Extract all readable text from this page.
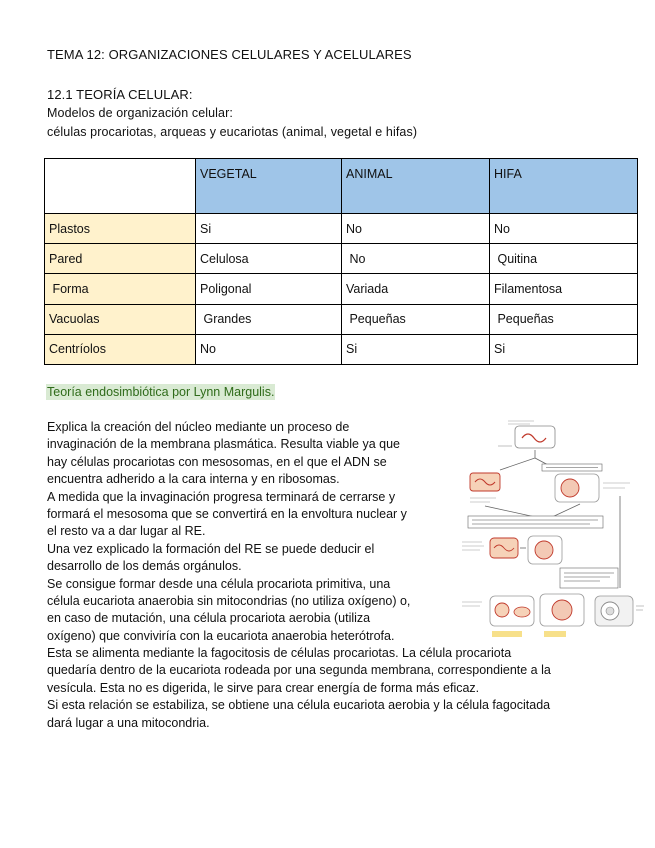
TEMA 12: ORGANIZACIONES CELULARES Y ACELULARES
12.1 TEORÍA CELULAR:
Modelos de organización celular:
células procariotas, arqueas y eucariotas (animal, vegetal e hifas)
	VEGETAL	ANIMAL	HIFA
Plastos	Si	No	No
Pared	Celulosa	No	Quitina
Forma	Poligonal	Variada	Filamentosa
Vacuolas	Grandes	Pequeñas	Pequeñas
Centríolos	No	Si	Si
Teoría endosimbiótica por Lynn Margulis.
Explica la creación del núcleo mediante un proceso de
invaginación de la membrana plasmática. Resulta viable ya que
hay células procariotas con mesosomas, en el que el ADN se
encuentra adherido a la cara interna y en ribosomas.
A medida que la invaginación progresa terminará de cerrarse y
formará el mesosoma que se convertirá en la envoltura nuclear y
el resto va a dar lugar al RE.
Una vez explicado la formación del RE se puede deducir el
desarrollo de los demás orgánulos.
Se consigue formar desde una célula procariota primitiva, una
célula eucariota anaerobia sin mitocondrias (no utiliza oxígeno) o,
en caso de mutación, una célula procariota aerobia (utiliza
oxígeno) que conviviría con la eucariota anaerobia heterótrofa.
Esta se alimenta mediante la fagocitosis de células procariotas. La célula procariota
quedaría dentro de la eucariota rodeada por una segunda membrana, correspondiente a la
vesícula. Esta no es digerida, le sirve para crear energía de forma más eficaz.
Si esta relación se estabiliza, se obtiene una célula eucariota aerobia y la célula fagocitada
dará lugar a una mitocondria.
